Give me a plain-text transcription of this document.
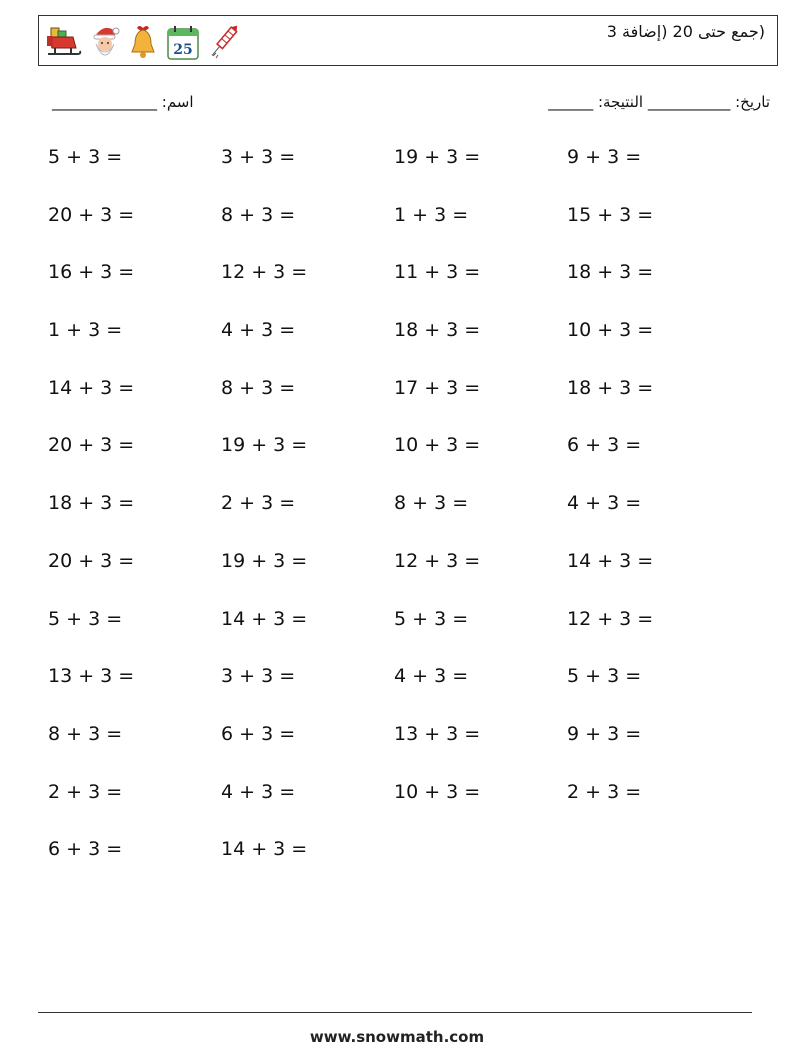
25
(جمع حتى 20 (إضافة 3
______________ :اسم	______ :تاريخ: ___________ النتيجة
5 + 3 =	3 + 3 =	19 + 3 =	9 + 3 =
20 + 3 =	8 + 3 =	1 + 3 =	15 + 3 =
16 + 3 =	12 + 3 =	11 + 3 =	18 + 3 =
1 + 3 =	4 + 3 =	18 + 3 =	10 + 3 =
14 + 3 =	8 + 3 =	17 + 3 =	18 + 3 =
20 + 3 =	19 + 3 =	10 + 3 =	6 + 3 =
18 + 3 =	2 + 3 =	8 + 3 =	4 + 3 =
20 + 3 =	19 + 3 =	12 + 3 =	14 + 3 =
5 + 3 =	14 + 3 =	5 + 3 =	12 + 3 =
13 + 3 =	3 + 3 =	4 + 3 =	5 + 3 =
8 + 3 =	6 + 3 =	13 + 3 =	9 + 3 =
2 + 3 =	4 + 3 =	10 + 3 =	2 + 3 =
6 + 3 =	14 + 3 =
www.snowmath.com
